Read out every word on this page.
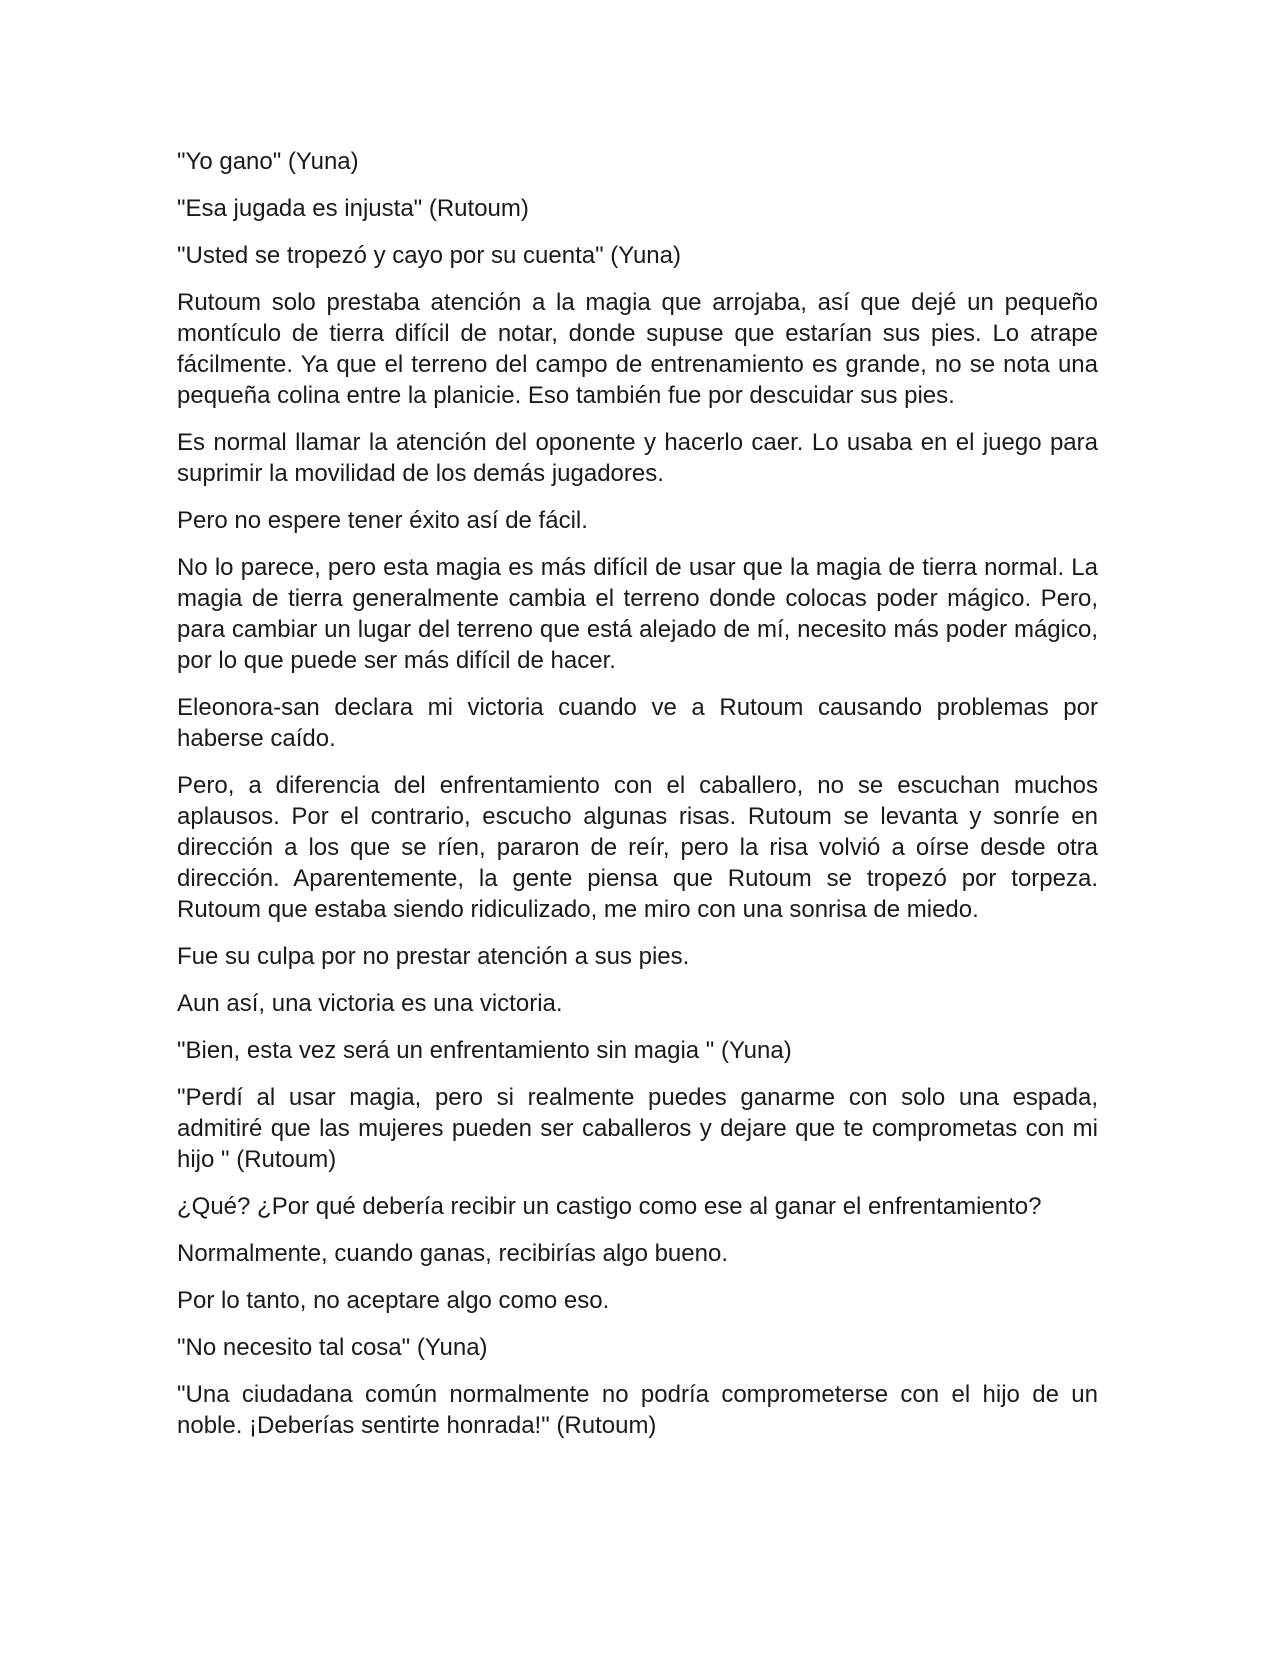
"Yo gano" (Yuna)

"Esa jugada es injusta" (Rutoum)

"Usted se tropezó y cayo por su cuenta" (Yuna)

Rutoum solo prestaba atención a la magia que arrojaba, así que dejé un pequeño montículo de tierra difícil de notar, donde supuse que estarían sus pies. Lo atrape fácilmente. Ya que el terreno del campo de entrenamiento es grande, no se nota una pequeña colina entre la planicie. Eso también fue por descuidar sus pies.

Es normal llamar la atención del oponente y hacerlo caer. Lo usaba en el juego para suprimir la movilidad de los demás jugadores.

Pero no espere tener éxito así de fácil.

No lo parece, pero esta magia es más difícil de usar que la magia de tierra normal. La magia de tierra generalmente cambia el terreno donde colocas poder mágico. Pero, para cambiar un lugar del terreno que está alejado de mí, necesito más poder mágico, por lo que puede ser más difícil de hacer.

Eleonora-san declara mi victoria cuando ve a Rutoum causando problemas por haberse caído.

Pero, a diferencia del enfrentamiento con el caballero, no se escuchan muchos aplausos. Por el contrario, escucho algunas risas. Rutoum se levanta y sonríe en dirección a los que se ríen, pararon de reír, pero la risa volvió a oírse desde otra dirección. Aparentemente, la gente piensa que Rutoum se tropezó por torpeza. Rutoum que estaba siendo ridiculizado, me miro con una sonrisa de miedo.

Fue su culpa por no prestar atención a sus pies.

Aun así, una victoria es una victoria.

"Bien, esta vez será un enfrentamiento sin magia " (Yuna)

"Perdí al usar magia, pero si realmente puedes ganarme con solo una espada, admitiré que las mujeres pueden ser caballeros y dejare que te comprometas con mi hijo " (Rutoum)

¿Qué? ¿Por qué debería recibir un castigo como ese al ganar el enfrentamiento?

Normalmente, cuando ganas, recibirías algo bueno.

Por lo tanto, no aceptare algo como eso.

"No necesito tal cosa" (Yuna)

"Una ciudadana común normalmente no podría comprometerse con el hijo de un noble. ¡Deberías sentirte honrada!" (Rutoum)
